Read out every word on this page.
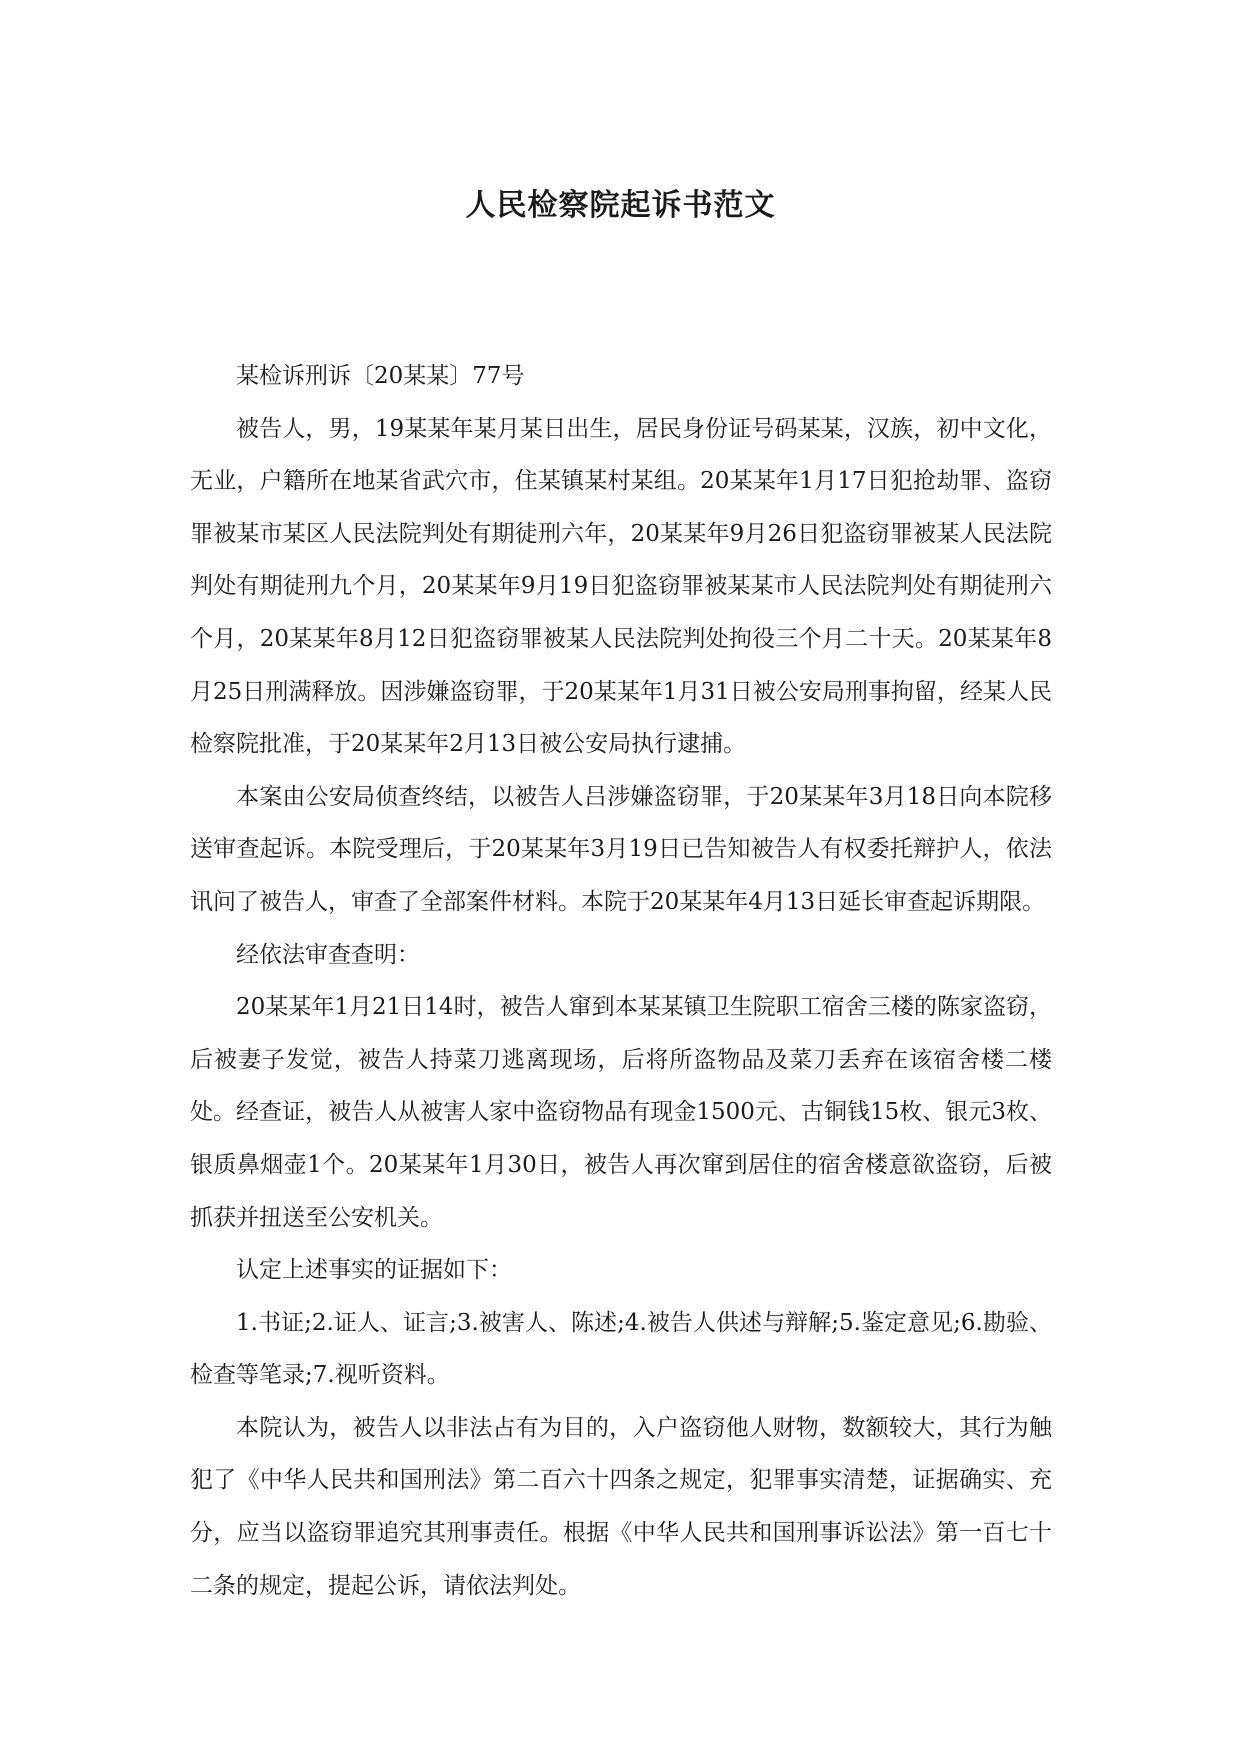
人民检察院起诉书范文

某检诉刑诉〔20某某〕77号

被告人，男，19某某年某月某日出生，居民身份证号码某某，汉族，初中文化，无业，户籍所在地某省武穴市，住某镇某村某组。20某某年1月17日犯抢劫罪、盗窃罪被某市某区人民法院判处有期徒刑六年，20某某年9月26日犯盗窃罪被某人民法院判处有期徒刑九个月，20某某年9月19日犯盗窃罪被某某市人民法院判处有期徒刑六个月，20某某年8月12日犯盗窃罪被某人民法院判处拘役三个月二十天。20某某年8月25日刑满释放。因涉嫌盗窃罪，于20某某年1月31日被公安局刑事拘留，经某人民检察院批准，于20某某年2月13日被公安局执行逮捕。

本案由公安局侦查终结，以被告人吕涉嫌盗窃罪，于20某某年3月18日向本院移送审查起诉。本院受理后，于20某某年3月19日已告知被告人有权委托辩护人，依法讯问了被告人，审查了全部案件材料。本院于20某某年4月13日延长审查起诉期限。

经依法审查查明：

20某某年1月21日14时，被告人窜到本某某镇卫生院职工宿舍三楼的陈家盗窃，后被妻子发觉，被告人持菜刀逃离现场，后将所盗物品及菜刀丢弃在该宿舍楼二楼处。经查证，被告人从被害人家中盗窃物品有现金1500元、古铜钱15枚、银元3枚、银质鼻烟壶1个。20某某年1月30日，被告人再次窜到居住的宿舍楼意欲盗窃，后被抓获并扭送至公安机关。

认定上述事实的证据如下：

1.书证;2.证人、证言;3.被害人、陈述;4.被告人供述与辩解;5.鉴定意见;6.勘验、检查等笔录;7.视听资料。

本院认为，被告人以非法占有为目的，入户盗窃他人财物，数额较大，其行为触犯了《中华人民共和国刑法》第二百六十四条之规定，犯罪事实清楚，证据确实、充分，应当以盗窃罪追究其刑事责任。根据《中华人民共和国刑事诉讼法》第一百七十二条的规定，提起公诉，请依法判处。
